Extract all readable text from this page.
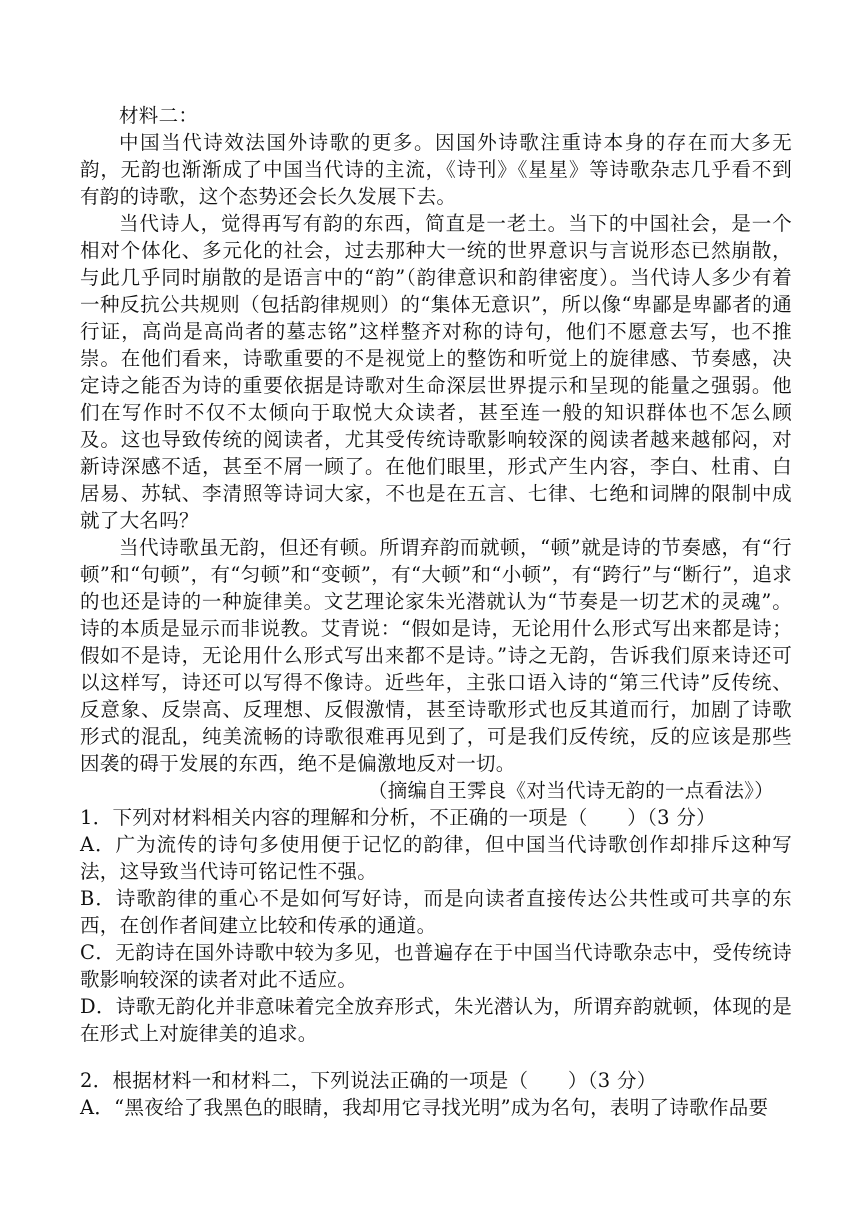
材料二：

中国当代诗效法国外诗歌的更多。因国外诗歌注重诗本身的存在而大多无韵，无韵也渐渐成了中国当代诗的主流，《诗刊》《星星》等诗歌杂志几乎看不到有韵的诗歌，这个态势还会长久发展下去。

当代诗人，觉得再写有韵的东西，简直是一老土。当下的中国社会，是一个相对个体化、多元化的社会，过去那种大一统的世界意识与言说形态已然崩散，与此几乎同时崩散的是语言中的“韵”（韵律意识和韵律密度）。当代诗人多少有着一种反抗公共规则（包括韵律规则）的“集体无意识”，所以像“卑鄙是卑鄙者的通行证，高尚是高尚者的墓志铭”这样整齐对称的诗句，他们不愿意去写，也不推崇。在他们看来，诗歌重要的不是视觉上的整饬和听觉上的旋律感、节奏感，决定诗之能否为诗的重要依据是诗歌对生命深层世界提示和呈现的能量之强弱。他们在写作时不仅不太倾向于取悦大众读者，甚至连一般的知识群体也不怎么顾及。这也导致传统的阅读者，尤其受传统诗歌影响较深的阅读者越来越郁闷，对新诗深感不适，甚至不屑一顾了。在他们眼里，形式产生内容，李白、杜甫、白居易、苏轼、李清照等诗词大家，不也是在五言、七律、七绝和词牌的限制中成就了大名吗？

当代诗歌虽无韵，但还有顿。所谓弃韵而就顿，“顿”就是诗的节奏感，有“行顿”和“句顿”，有“匀顿”和“变顿”，有“大顿”和“小顿”，有“跨行”与“断行”，追求的也还是诗的一种旋律美。文艺理论家朱光潜就认为“节奏是一切艺术的灵魂”。诗的本质是显示而非说教。艾青说：“假如是诗，无论用什么形式写出来都是诗；假如不是诗，无论用什么形式写出来都不是诗。”诗之无韵，告诉我们原来诗还可以这样写，诗还可以写得不像诗。近些年，主张口语入诗的“第三代诗”反传统、反意象、反崇高、反理想、反假激情，甚至诗歌形式也反其道而行，加剧了诗歌形式的混乱，纯美流畅的诗歌很难再见到了，可是我们反传统，反的应该是那些因袭的碍于发展的东西，绝不是偏激地反对一切。

（摘编自王霁良《对当代诗无韵的一点看法》）

1．下列对材料相关内容的理解和分析，不正确的一项是（　　）（3 分）

A．广为流传的诗句多使用便于记忆的韵律，但中国当代诗歌创作却排斥这种写法，这导致当代诗可铭记性不强。

B．诗歌韵律的重心不是如何写好诗，而是向读者直接传达公共性或可共享的东西，在创作者间建立比较和传承的通道。

C．无韵诗在国外诗歌中较为多见，也普遍存在于中国当代诗歌杂志中，受传统诗歌影响较深的读者对此不适应。

D．诗歌无韵化并非意味着完全放弃形式，朱光潜认为，所谓弃韵就顿，体现的是在形式上对旋律美的追求。

2．根据材料一和材料二，下列说法正确的一项是（　　）（3 分）

A．“黑夜给了我黑色的眼睛，我却用它寻找光明”成为名句，表明了诗歌作品要
